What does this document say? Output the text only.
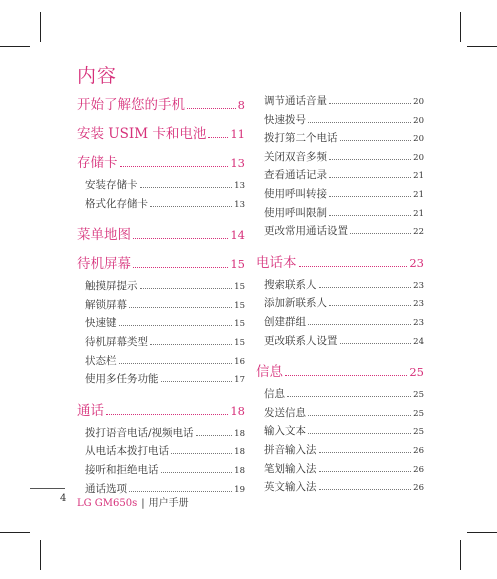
内容
开始了解您的手机	8
安装 USIM 卡和电池 11
存储卡	13
安装存储卡	13
格式化存储卡	13
菜单地图	14
待机屏幕	15
触摸屏提示	15
解锁屏幕	15
快速键	15
待机屏幕类型	15
状态栏	16
使用多任务功能	17
通话	18
拨打语音电话/视频电话	18
从电话本拨打电话	18
接听和拒绝电话	18
通话选项	19
调节通话音量	20
快速拨号	20
拨打第二个电话	20
关闭双音多频	20
查看通话记录	21
使用呼叫转接	21
使用呼叫限制	21
更改常用通话设置	22
电话本	23
搜索联系人	23
添加新联系人	23
创建群组	23
更改联系人设置	24
信息	25
信息	25
发送信息	25
输入文本	25
拼音输入法	26
笔划输入法	26
英文输入法	26
4 LG GM650s | 用户手册
